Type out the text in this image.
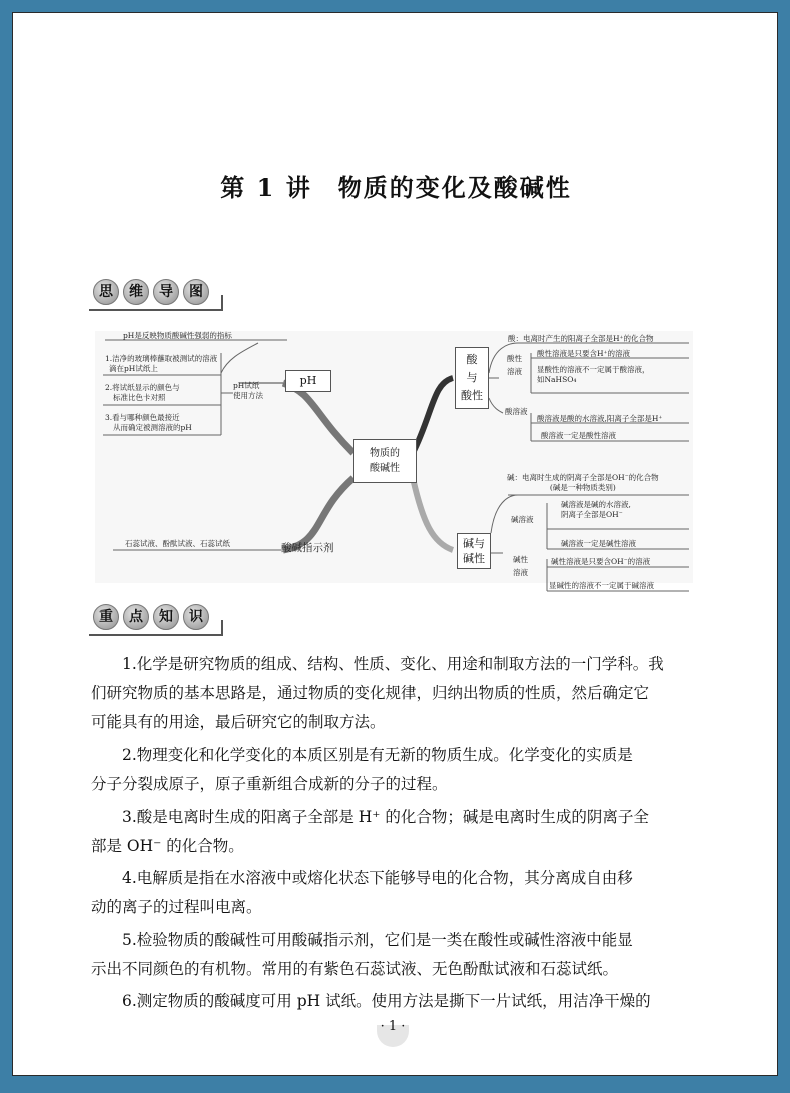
第 1 讲　物质的变化及酸碱性
思	维	导	图
物质的
酸碱性
pH
pH试纸
使用方法
pH是反映物质酸碱性强弱的指标
1.洁净的玻璃棒蘸取被测试的溶液
滴在pH试纸上
2.将试纸显示的颜色与
标准比色卡对照
3.看与哪种颜色最接近
从而确定被测溶液的pH
石蕊试液、酚酞试液、石蕊试纸	酸碱指示剂
酸
与
酸性
酸：电离时产生的阳离子全部是H⁺的化合物
酸性
溶液
酸性溶液是只要含H⁺的溶液
显酸性的溶液不一定属于酸溶液，
如NaHSO₄
酸溶液
酸溶液是酸的水溶液,阳离子全部是H⁺
酸溶液一定是酸性溶液
碱与
碱性
碱：电离时生成的阴离子全部是OH⁻的化合物
(碱是一种物质类别)
碱溶液
碱溶液是碱的水溶液,
阴离子全部是OH⁻
碱溶液一定是碱性溶液
碱性
溶液
碱性溶液是只要含OH⁻的溶液
显碱性的溶液不一定属于碱溶液
重	点	知	识
1.化学是研究物质的组成、结构、性质、变化、用途和制取方法的一门学科。我
们研究物质的基本思路是，通过物质的变化规律，归纳出物质的性质，然后确定它
可能具有的用途，最后研究它的制取方法。
2.物理变化和化学变化的本质区别是有无新的物质生成。化学变化的实质是
分子分裂成原子，原子重新组合成新的分子的过程。
3.酸是电离时生成的阳离子全部是 H⁺ 的化合物；碱是电离时生成的阴离子全
部是 OH⁻ 的化合物。
4.电解质是指在水溶液中或熔化状态下能够导电的化合物，其分离成自由移
动的离子的过程叫电离。
5.检验物质的酸碱性可用酸碱指示剂，它们是一类在酸性或碱性溶液中能显
示出不同颜色的有机物。常用的有紫色石蕊试液、无色酚酞试液和石蕊试纸。
6.测定物质的酸碱度可用 pH 试纸。使用方法是撕下一片试纸，用洁净干燥的
· 1 ·
